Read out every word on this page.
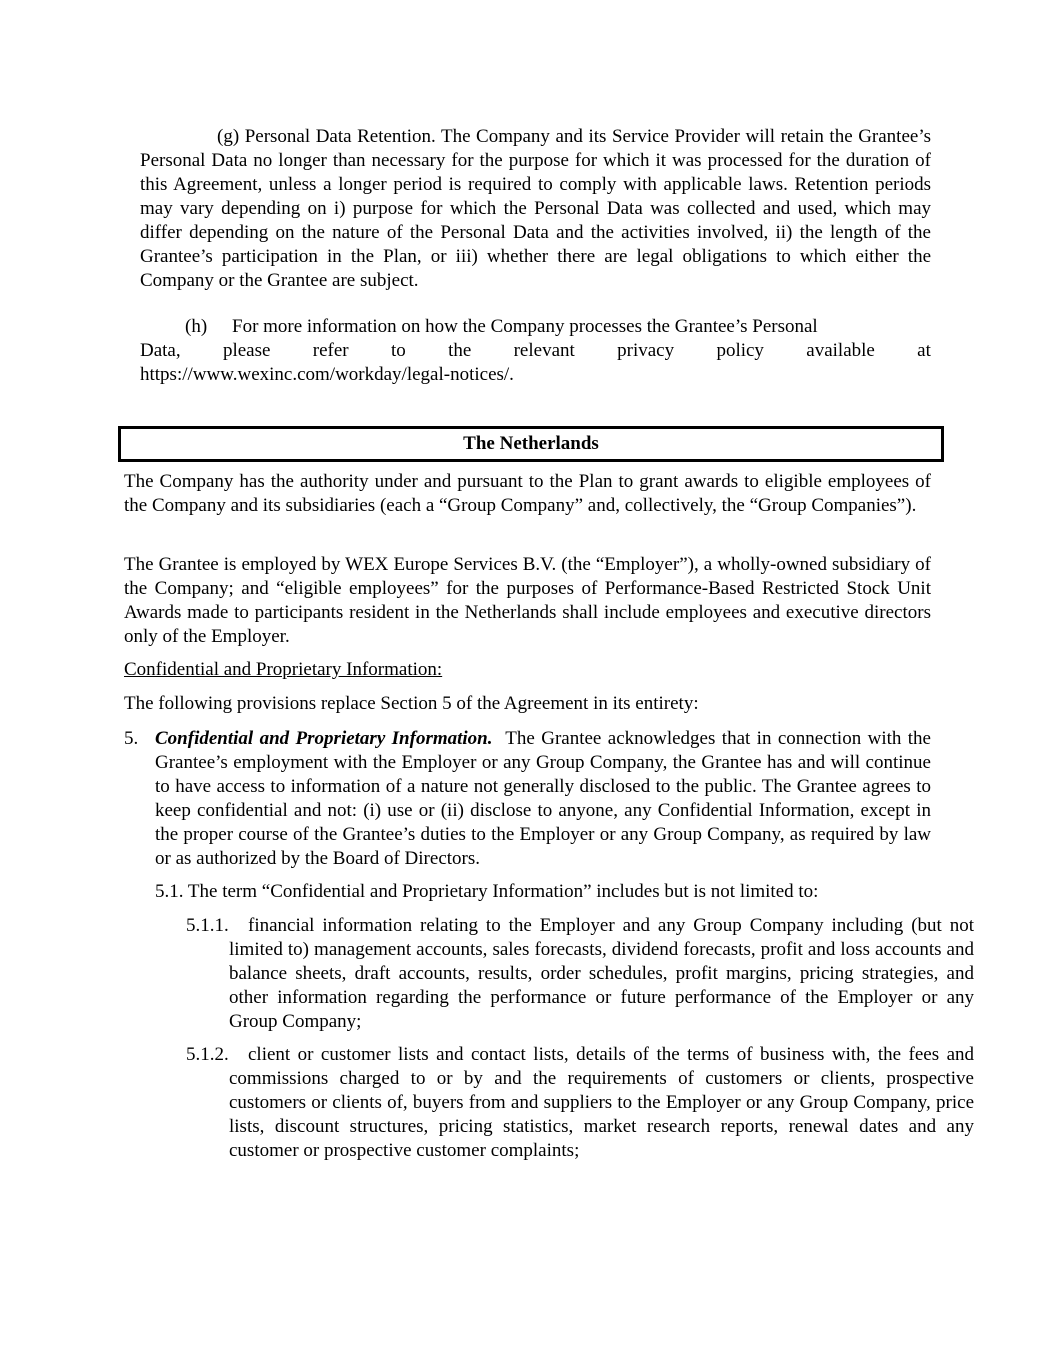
(g) Personal Data Retention. The Company and its Service Provider will retain the Grantee’s Personal Data no longer than necessary for the purpose for which it was processed for the duration of this Agreement, unless a longer period is required to comply with applicable laws. Retention periods may vary depending on i) purpose for which the Personal Data was collected and used, which may differ depending on the nature of the Personal Data and the activities involved, ii) the length of the Grantee’s participation in the Plan, or iii) whether there are legal obligations to which either the Company or the Grantee are subject.
(h) For more information on how the Company processes the Grantee’s Personal
Data, please refer to the relevant privacy policy available at
https://www.wexinc.com/workday/legal-notices/.
The Netherlands
The Company has the authority under and pursuant to the Plan to grant awards to eligible employees of the Company and its subsidiaries (each a “Group Company” and, collectively, the “Group Companies”).
The Grantee is employed by WEX Europe Services B.V. (the “Employer”), a wholly-owned subsidiary of the Company; and “eligible employees” for the purposes of Performance-Based Restricted Stock Unit Awards made to participants resident in the Netherlands shall include employees and executive directors only of the Employer.
Confidential and Proprietary Information:
The following provisions replace Section 5 of the Agreement in its entirety:
5. Confidential and Proprietary Information. The Grantee acknowledges that in connection with the Grantee’s employment with the Employer or any Group Company, the Grantee has and will continue to have access to information of a nature not generally disclosed to the public. The Grantee agrees to keep confidential and not: (i) use or (ii) disclose to anyone, any Confidential Information, except in the proper course of the Grantee’s duties to the Employer or any Group Company, as required by law or as authorized by the Board of Directors.
5.1. The term “Confidential and Proprietary Information” includes but is not limited to:
5.1.1. financial information relating to the Employer and any Group Company including (but not limited to) management accounts, sales forecasts, dividend forecasts, profit and loss accounts and balance sheets, draft accounts, results, order schedules, profit margins, pricing strategies, and other information regarding the performance or future performance of the Employer or any Group Company;
5.1.2. client or customer lists and contact lists, details of the terms of business with, the fees and commissions charged to or by and the requirements of customers or clients, prospective customers or clients of, buyers from and suppliers to the Employer or any Group Company, price lists, discount structures, pricing statistics, market research reports, renewal dates and any customer or prospective customer complaints;
